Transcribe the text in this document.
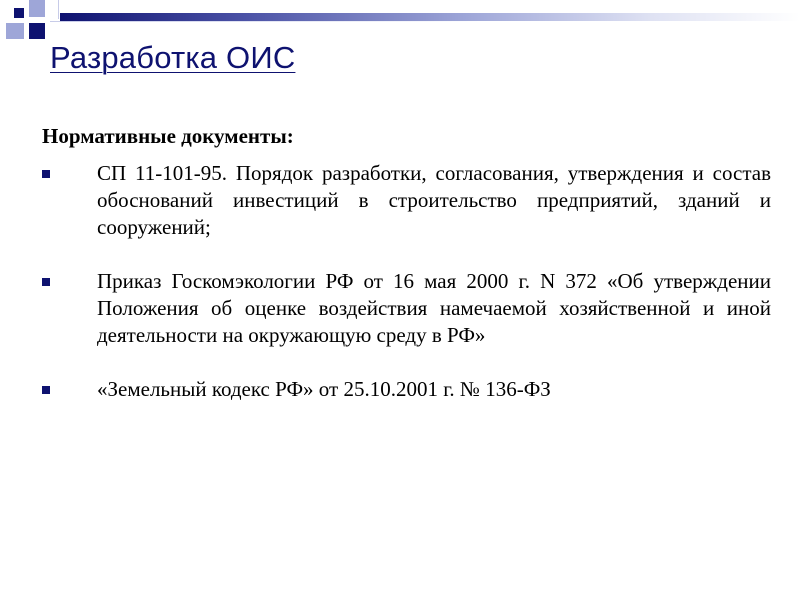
Разработка ОИС

Нормативные документы:

СП 11-101-95. Порядок разработки, согласования, утверждения и состав обоснований инвестиций в строительство предприятий, зданий и сооружений;
Приказ Госкомэкологии РФ от 16 мая 2000 г. N 372 «Об утверждении Положения об оценке воздействия намечаемой хозяйственной и иной деятельности на окружающую среду в РФ»
«Земельный кодекс РФ» от 25.10.2001 г. № 136-ФЗ
